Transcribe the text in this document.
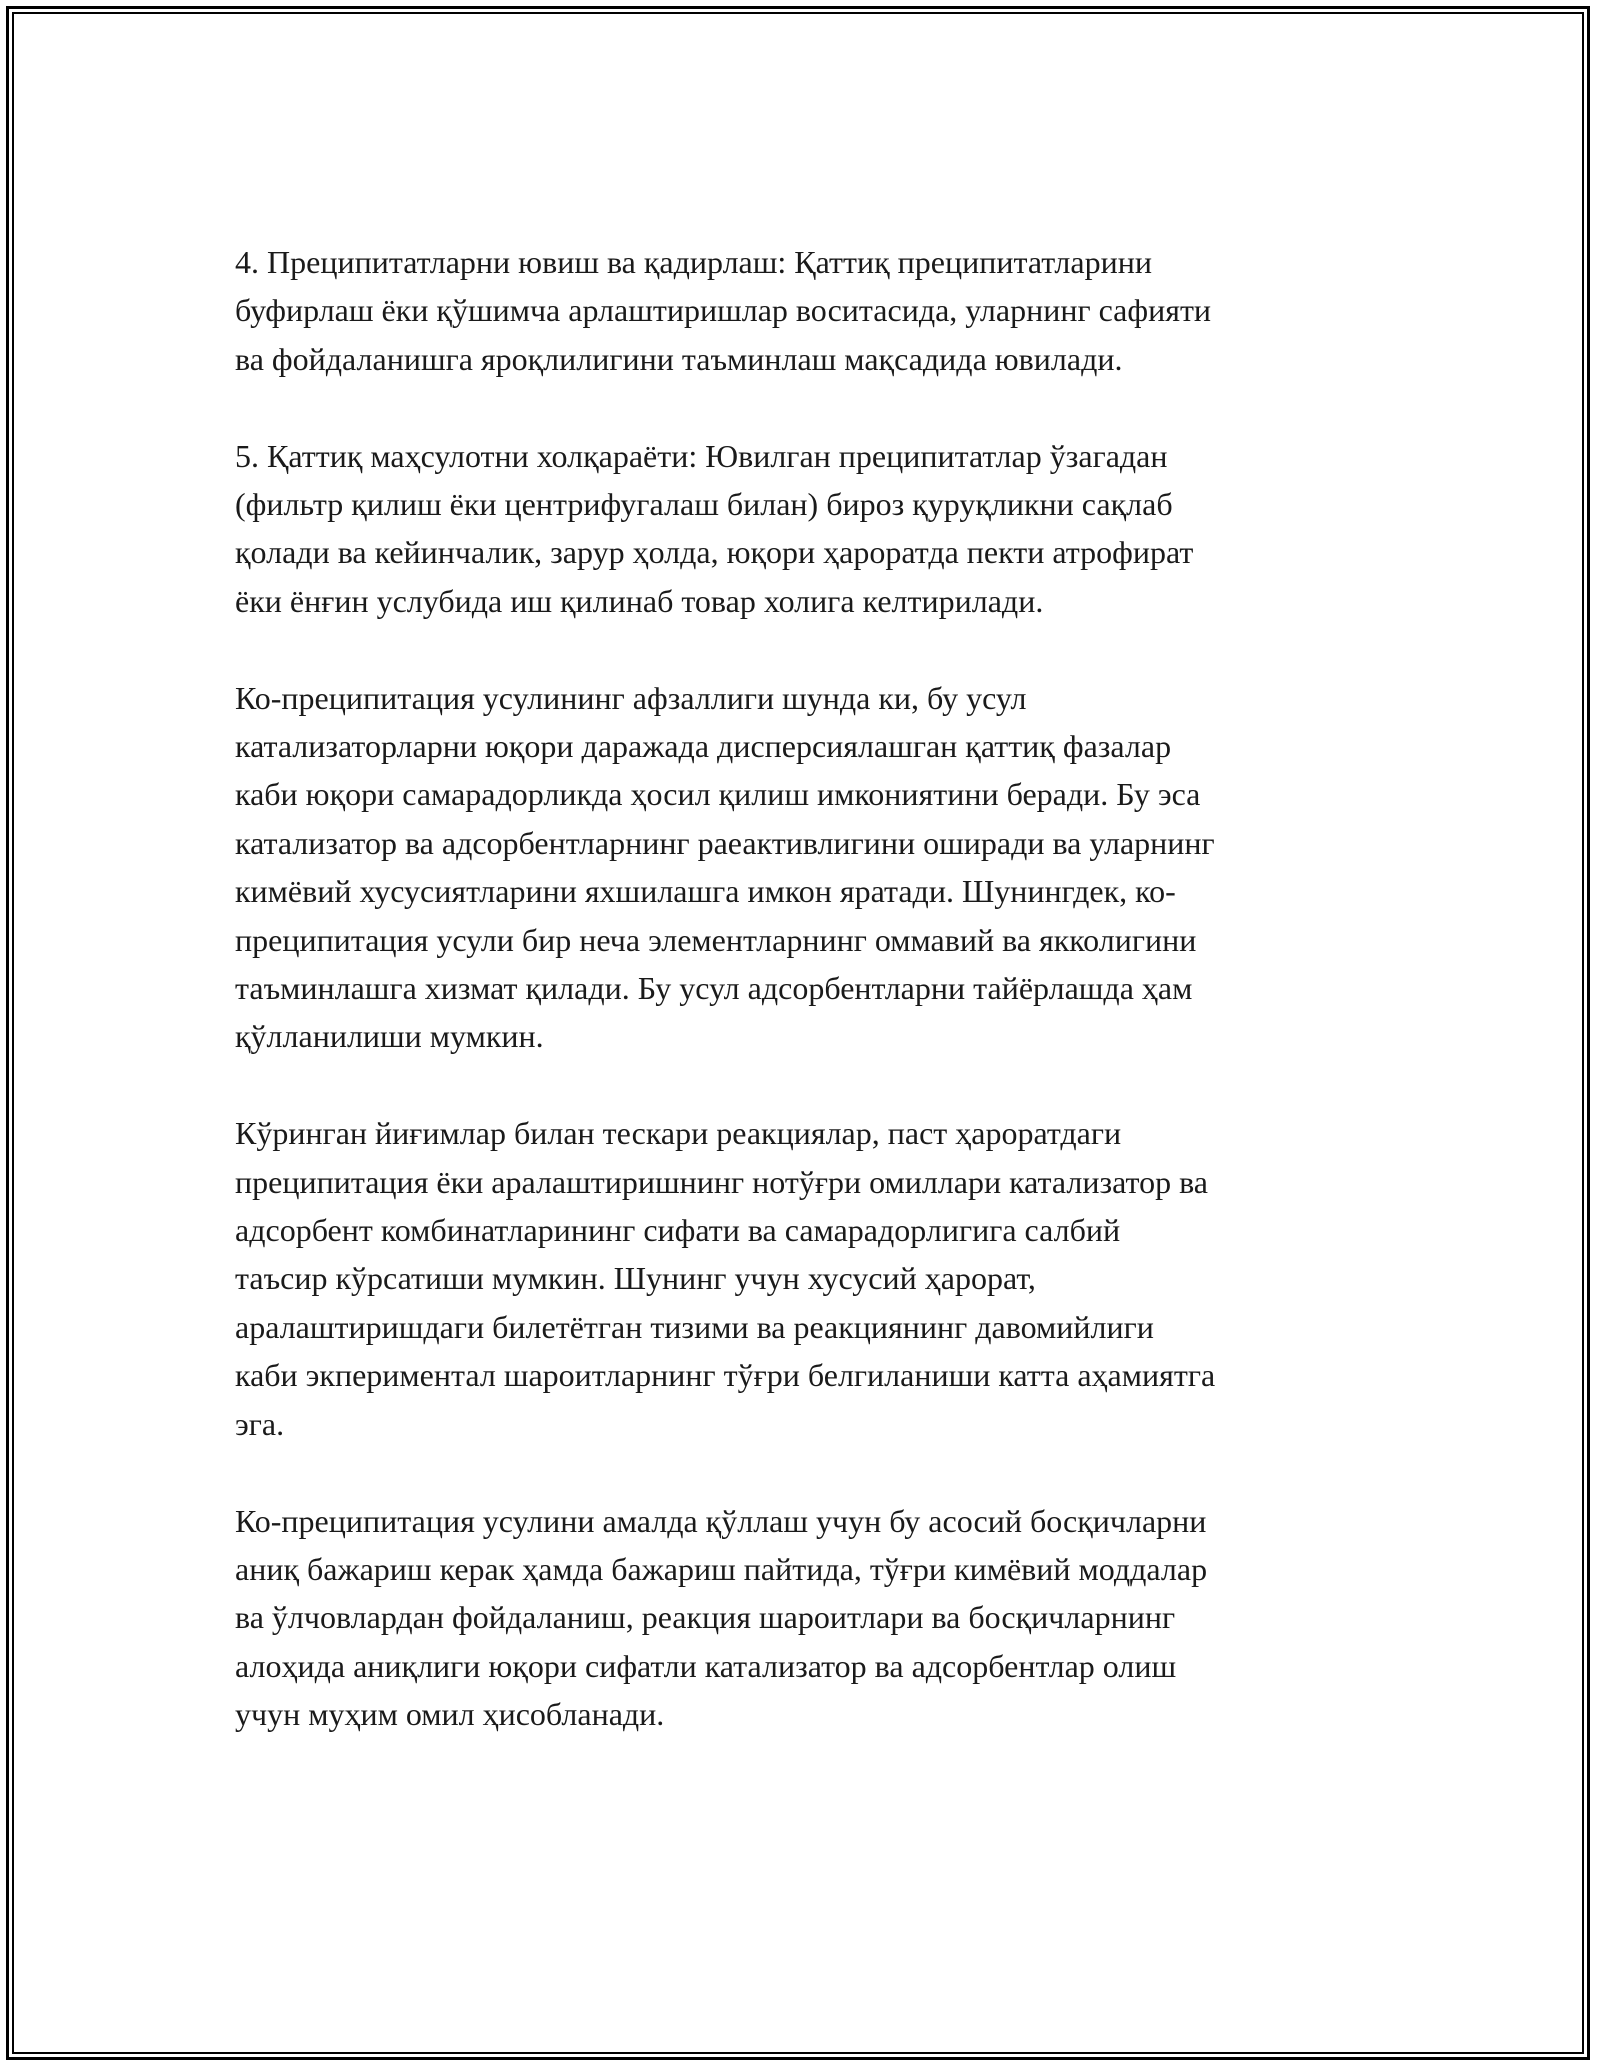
4. Преципитатларни ювиш ва қадирлаш: Қаттиқ преципитатларини
буфирлаш ёки қўшимча арлаштиришлар воситасида, уларнинг сафияти
ва фойдаланишга яроқлилигини таъминлаш мақсадида ювилади.

5. Қаттиқ маҳсулотни холқараёти: Ювилган преципитатлар ўзагадан
(фильтр қилиш ёки центрифугалаш билан) бироз қуруқликни сақлаб
қолади ва кейинчалик, зарур ҳолда, юқори ҳароратда пекти атрофират
ёки ёнғин услубида иш қилинаб товар холига келтирилади.

Ко-преципитация усулининг афзаллиги шунда ки, бу усул
катализаторларни юқори даражада дисперсиялашган қаттиқ фазалар
каби юқори самарадорликда ҳосил қилиш имкониятини беради. Бу эса
катализатор ва адсорбентларнинг раеактивлигини оширади ва уларнинг
кимёвий хусусиятларини яхшилашга имкон яратади. Шунингдек, ко-
преципитация усули бир неча элементларнинг оммавий ва якколигини
таъминлашга хизмат қилади. Бу усул адсорбентларни тайёрлашда ҳам
қўлланилиши мумкин.

Кўринган йиғимлар билан тескари реакциялар, паст ҳароратдаги
преципитация ёки аралаштиришнинг нотўғри омиллари катализатор ва
адсорбент комбинатларининг сифати ва самарадорлигига салбий
таъсир кўрсатиши мумкин. Шунинг учун хусусий ҳарорат,
аралаштиришдаги билетётган тизими ва реакциянинг давомийлиги
каби экпериментал шароитларнинг тўғри белгиланиши катта аҳамиятга
эга.

Ко-преципитация усулини амалда қўллаш учун бу асосий босқичларни
аниқ бажариш керак ҳамда бажариш пайтида, тўғри кимёвий моддалар
ва ўлчовлардан фойдаланиш, реакция шароитлари ва босқичларнинг
алоҳида аниқлиги юқори сифатли катализатор ва адсорбентлар олиш
учун муҳим омил ҳисобланади.
